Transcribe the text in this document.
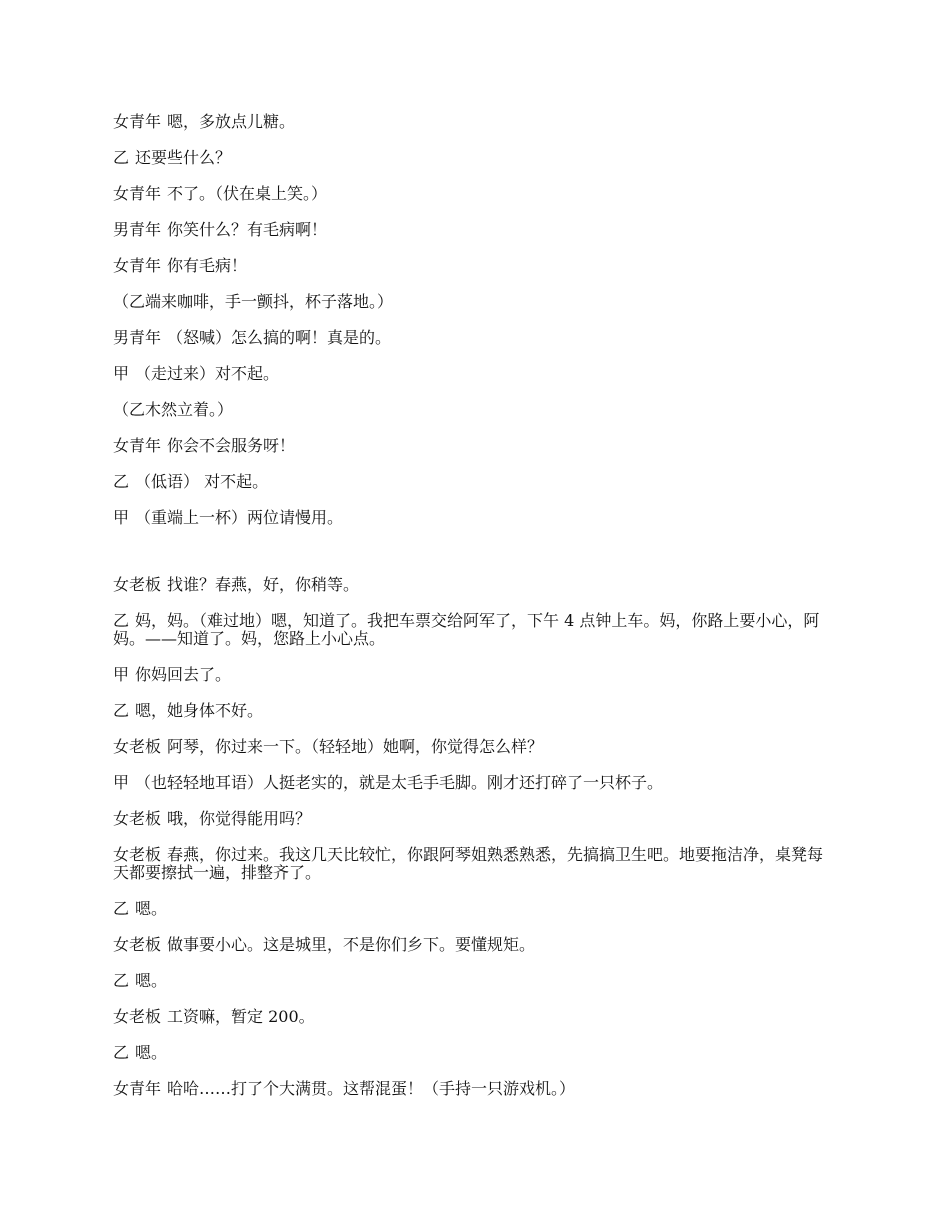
女青年 嗯，多放点儿糖。

乙 还要些什么？

女青年 不了。（伏在桌上笑。）

男青年 你笑什么？有毛病啊！

女青年 你有毛病！

（乙端来咖啡，手一颤抖，杯子落地。）

男青年 （怒喊）怎么搞的啊！真是的。

甲 （走过来）对不起。

（乙木然立着。）

女青年 你会不会服务呀！

乙 （低语） 对不起。

甲 （重端上一杯）两位请慢用。

女老板 找谁？春燕，好，你稍等。

乙 妈，妈。（难过地）嗯，知道了。我把车票交给阿军了，下午 4 点钟上车。妈，你路上要小心，阿妈。——知道了。妈，您路上小心点。

甲 你妈回去了。

乙 嗯，她身体不好。

女老板 阿琴，你过来一下。（轻轻地）她啊，你觉得怎么样？

甲 （也轻轻地耳语）人挺老实的，就是太毛手毛脚。刚才还打碎了一只杯子。

女老板 哦，你觉得能用吗？

女老板 春燕，你过来。我这几天比较忙，你跟阿琴姐熟悉熟悉，先搞搞卫生吧。地要拖洁净，桌凳每天都要擦拭一遍，排整齐了。

乙 嗯。

女老板 做事要小心。这是城里，不是你们乡下。要懂规矩。

乙 嗯。

女老板 工资嘛，暂定 200。

乙 嗯。

女青年 哈哈……打了个大满贯。这帮混蛋！（手持一只游戏机。）
